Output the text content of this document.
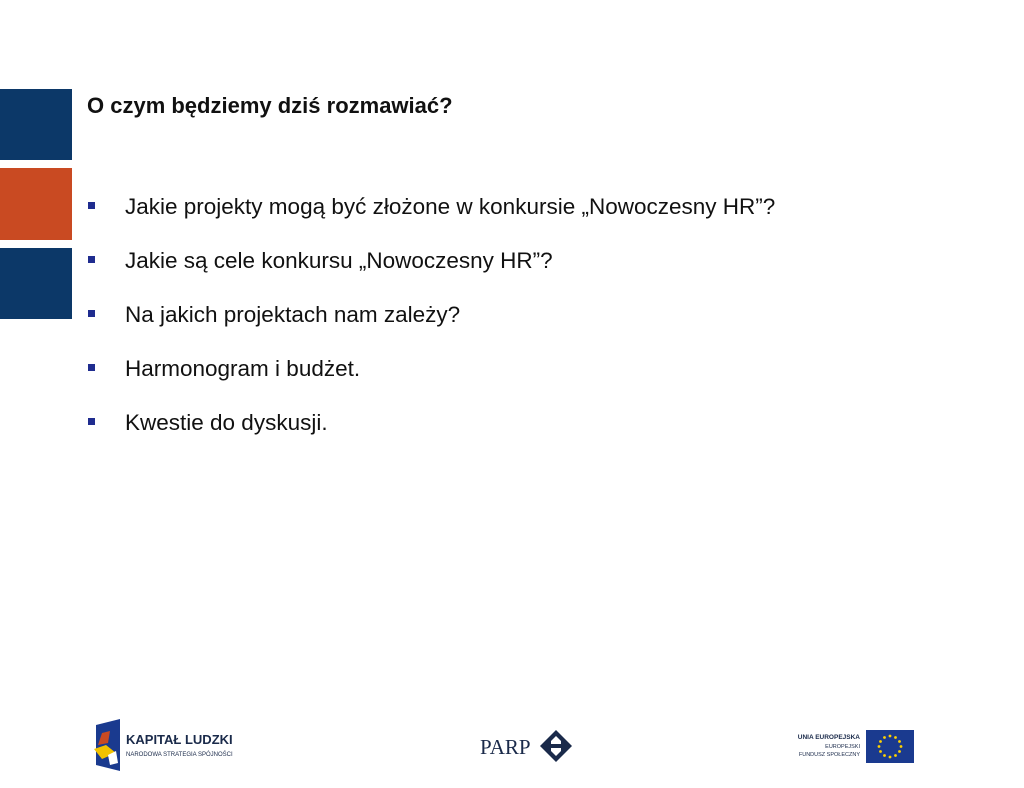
O czym będziemy dziś rozmawiać?
Jakie projekty mogą być złożone w konkursie „Nowoczesny HR”?
Jakie są cele konkursu „Nowoczesny HR”?
Na jakich projektach nam zależy?
Harmonogram i budżet.
Kwestie do dyskusji.
KAPITAŁ LUDZKI
NARODOWA STRATEGIA SPÓJNOŚCI	PARP	UNIA EUROPEJSKA
EUROPEJSKI
FUNDUSZ SPOŁECZNY
